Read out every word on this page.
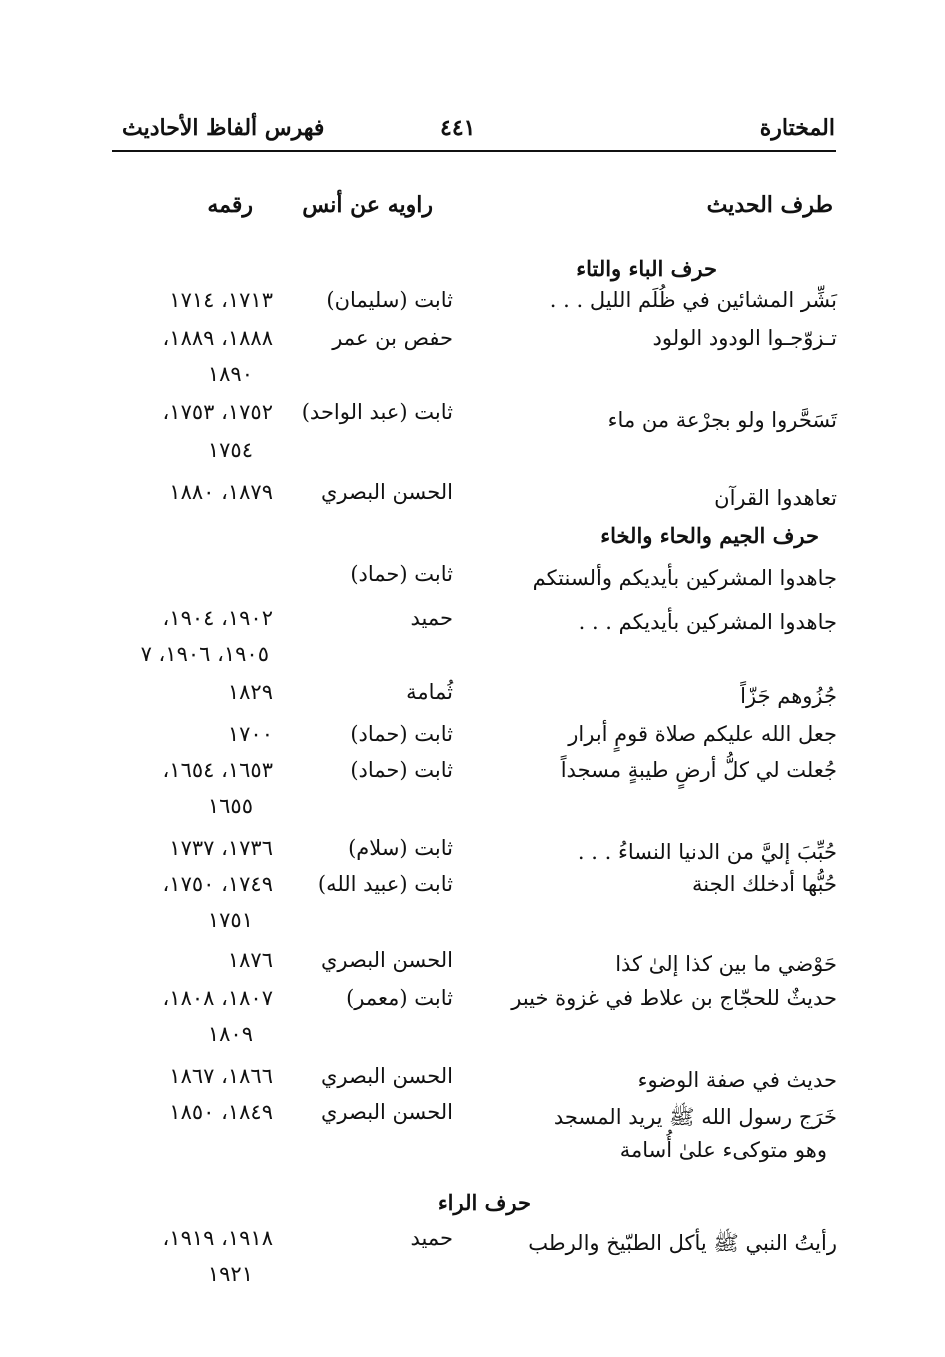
المختارة
٤٤١
فهرس ألفاظ الأحاديث
طرف الحديث
راويه عن أنس
رقمه
حرف الباء والتاء
بَشِّر المشائين في ظُلَم الليل . . .
ثابت (سليمان)
١٧١٣، ١٧١٤
تـزوّجـوا الودود الولود
حفص بن عمر
١٨٨٨، ١٨٨٩،
١٨٩٠
تَسَحَّروا ولو بجرْعة من ماء
ثابت (عبد الواحد)
١٧٥٢، ١٧٥٣،
١٧٥٤
تعاهدوا القرآن
الحسن البصري
١٨٧٩، ١٨٨٠
حرف الجيم والحاء والخاء
جاهدوا المشركين بأيديكم وألسنتكم
ثابت (حماد)
جاهدوا المشركين بأيديكم . . .
حميد
١٩٠٢، ١٩٠٤،
١٩٠٥، ١٩٠٦، ٧
جُزُوهم جَزّاً
ثُمامة
١٨٢٩
جعل الله عليكم صلاة قومٍ أبرار
ثابت (حماد)
١٧٠٠
جُعلت لي كلُّ أرضٍ طيبةٍ مسجداً
ثابت (حماد)
١٦٥٣، ١٦٥٤،
١٦٥٥
حُبِّبَ إليَّ من الدنيا النساءُ . . .
ثابت (سلام)
١٧٣٦، ١٧٣٧
حُبُّها أدخلك الجنة
ثابت (عبيد الله)
١٧٤٩، ١٧٥٠،
١٧٥١
حَوْضي ما بين كذا إلىٰ كذا
الحسن البصري
١٨٧٦
حديثٌ للحجّاج بن علاط في غزوة خيبر
ثابت (معمر)
١٨٠٧، ١٨٠٨،
١٨٠٩
حديث في صفة الوضوء
الحسن البصري
١٨٦٦، ١٨٦٧
خَرَج رسول الله ﷺ يريد المسجد
الحسن البصري
١٨٤٩، ١٨٥٠
وهو متوكىء علىٰ أُسامة
حرف الراء
رأيتُ النبي ﷺ يأكل الطبّيخ والرطب
حميد
١٩١٨، ١٩١٩،
١٩٢١
